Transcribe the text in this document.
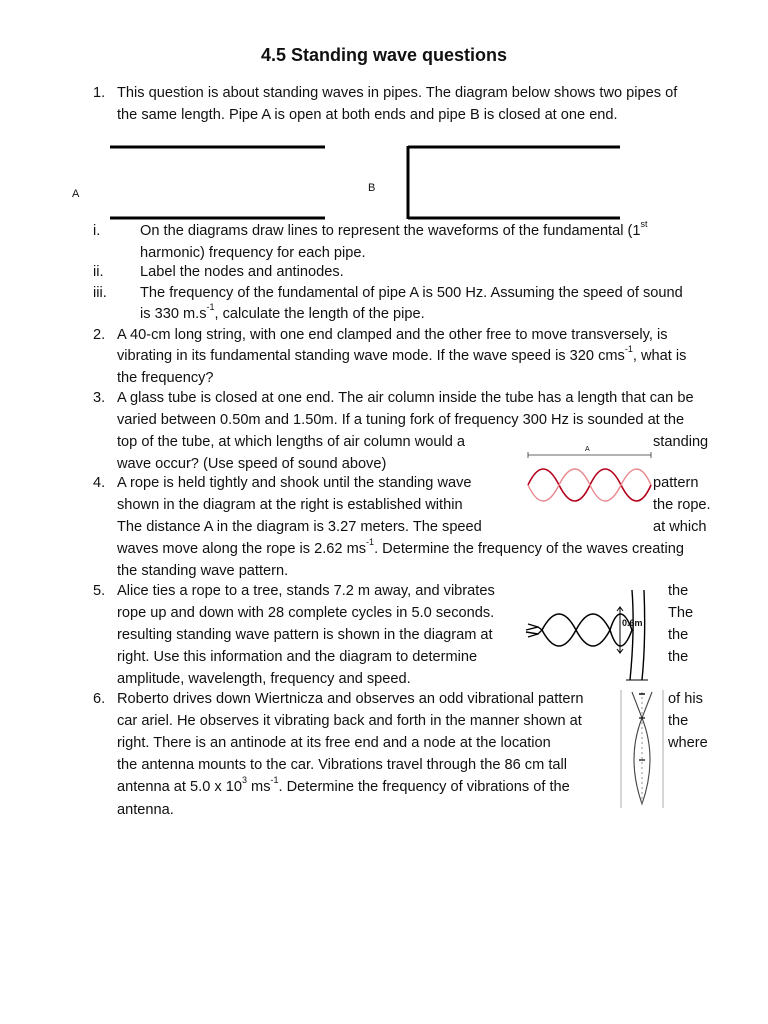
4.5 Standing wave questions
1. This question is about standing waves in pipes. The diagram below shows two pipes of
the same length. Pipe A is open at both ends and pipe B is closed at one end.
A	B
i.	On the diagrams draw lines to represent the waveforms of the fundamental (1st
harmonic) frequency for each pipe.
ii. Label the nodes and antinodes.
iii. The frequency of the fundamental of pipe A is 500 Hz. Assuming the speed of sound
is 330 $m.s^{-1}$, calculate the length of the pipe.
2. A 40-cm long string, with one end clamped and the other free to move transversely, is
vibrating in its fundamental standing wave mode. If the wave speed is 320 cms$^{-1}$, what is
the frequency?
3. A glass tube is closed at one end. The air column inside the tube has a length that can be
varied between 0.50m and 1.50m. If a tuning fork of frequency 300 Hz is sounded at the
top of the tube, at which lengths of air column would a	standing
wave occur? (Use speed of sound above)
A
4. A rope is held tightly and shook until the standing wave	pattern
shown in the diagram at the right is established within	the rope.
The distance A in the diagram is 3.27 meters. The speed	at which
waves move along the rope is 2.62 $ms^{-1}$. Determine the frequency of the waves creating
the standing wave pattern.
0.6m
5. Alice ties a rope to a tree, stands 7.2 m away, and vibrates	the
rope up and down with 28 complete cycles in 5.0 seconds.	The
resulting standing wave pattern is shown in the diagram at	the
right. Use this information and the diagram to determine	the
amplitude, wavelength, frequency and speed.
6. Roberto drives down Wiertnicza and observes an odd vibrational pattern	of his
car ariel. He observes it vibrating back and forth in the manner shown at	the
right. There is an antinode at its free end and a node at the location	where
the antenna mounts to the car. Vibrations travel through the 86 cm tall
antenna at 5.0 x $10^3$ $ms^{-1}$. Determine the frequency of vibrations of the
antenna.
